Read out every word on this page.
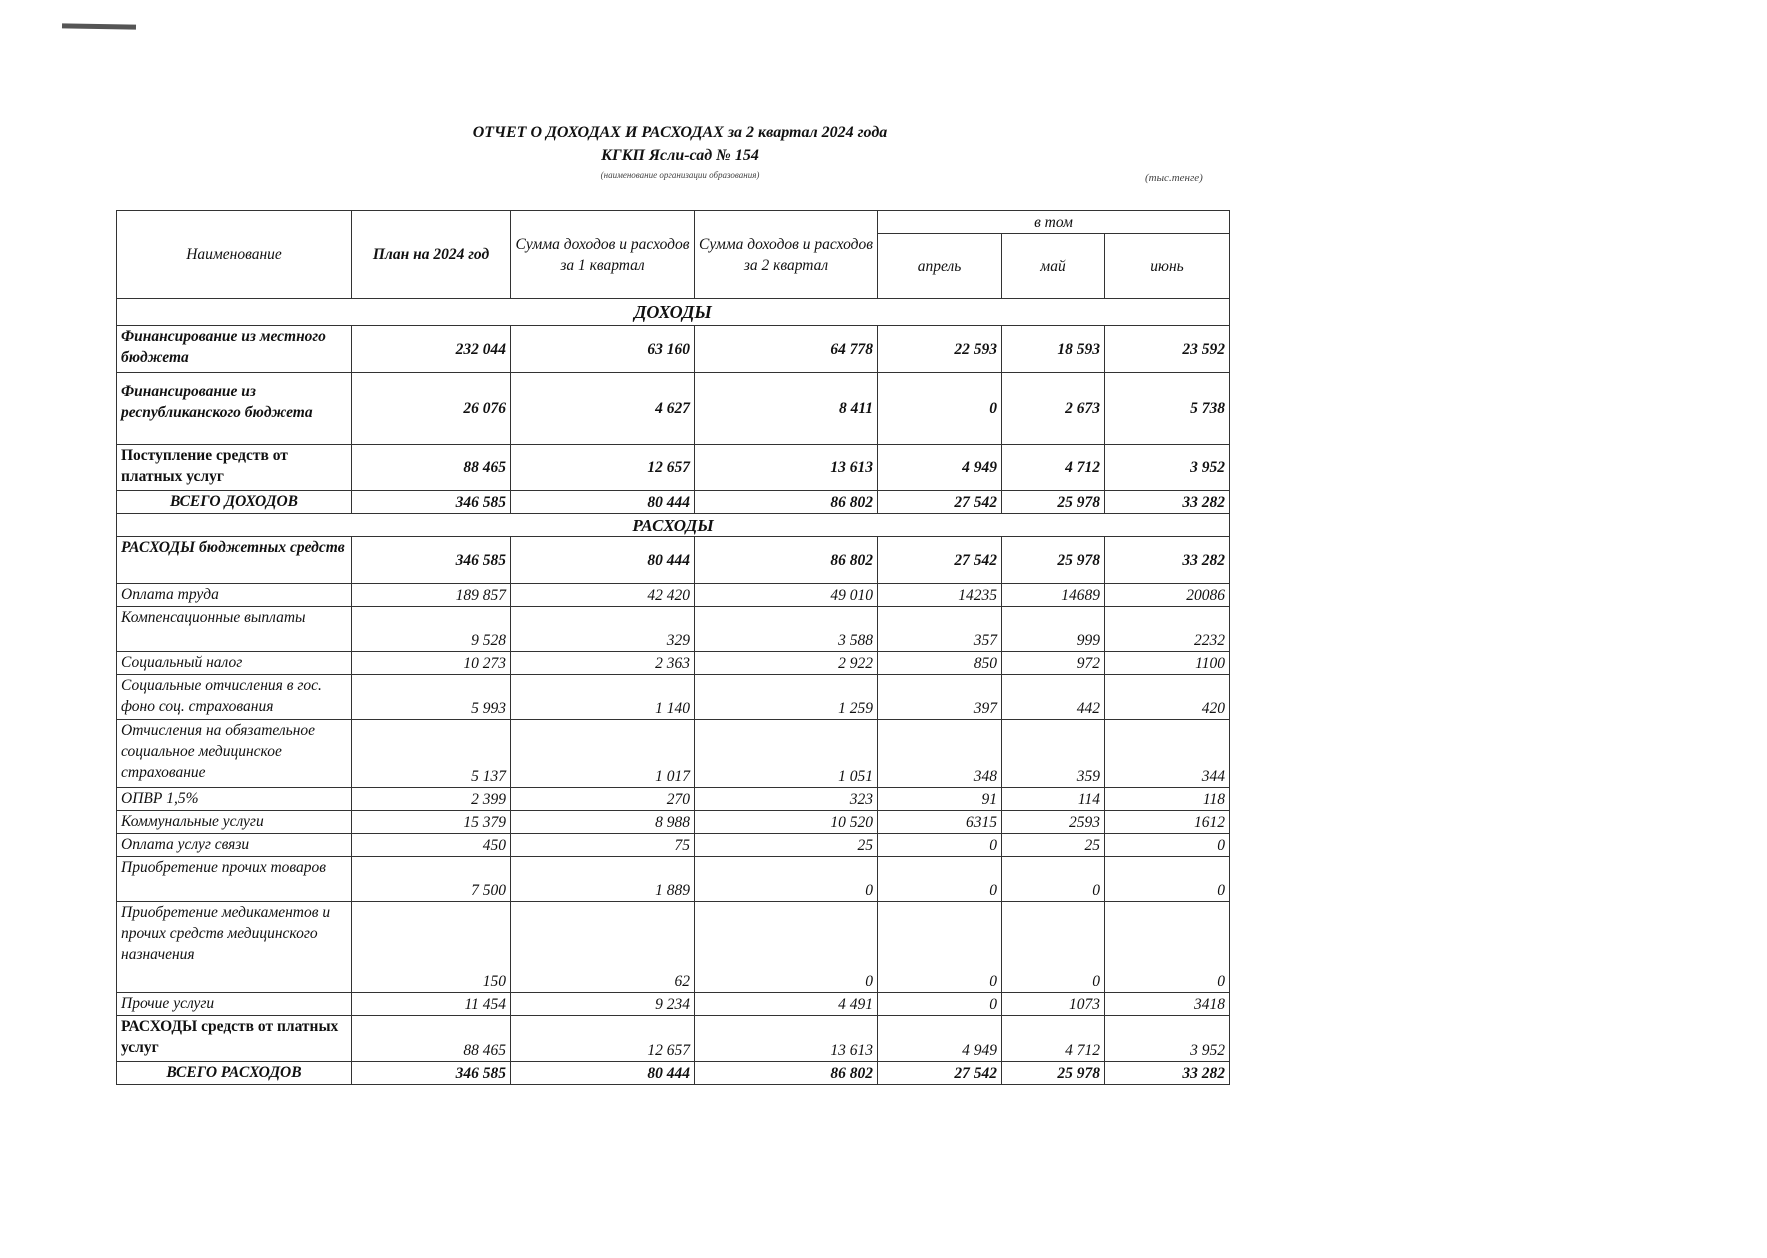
ОТЧЕТ О ДОХОДАХ И РАСХОДАХ за 2 квартал 2024 года
КГКП Ясли-сад № 154
(наименование организации образования)	(тыс.тенге)
Наименование	План на 2024 год	Сумма доходов и расходов за 1 квартал	Сумма доходов и расходов за 2 квартал	в том		
				апрель	май	июнь
ДОХОДЫ						
Финансирование из местного бюджета	232 044	63 160	64 778	22 593	18 593	23 592
Финансирование из республиканского бюджета	26 076	4 627	8 411	0	2 673	5 738
Поступление средств от платных услуг	88 465	12 657	13 613	4 949	4 712	3 952
ВСЕГО ДОХОДОВ	346 585	80 444	86 802	27 542	25 978	33 282
РАСХОДЫ						
РАСХОДЫ бюджетных средств	346 585	80 444	86 802	27 542	25 978	33 282
Оплата труда	189 857	42 420	49 010	14235	14689	20086
Компенсационные выплаты	9 528	329	3 588	357	999	2232
Социальный налог	10 273	2 363	2 922	850	972	1100
Социальные отчисления в гос. фоно соц. страхования	5 993	1 140	1 259	397	442	420
Отчисления на обязательное социальное медицинское страхование	5 137	1 017	1 051	348	359	344
ОПВР 1,5%	2 399	270	323	91	114	118
Коммунальные услуги	15 379	8 988	10 520	6315	2593	1612
Оплата услуг связи	450	75	25	0	25	0
Приобретение прочих товаров	7 500	1 889	0	0	0	0
Приобретение медикаментов и прочих средств медицинского назначения	150	62	0	0	0	0
Прочие услуги	11 454	9 234	4 491	0	1073	3418
РАСХОДЫ средств от платных услуг	88 465	12 657	13 613	4 949	4 712	3 952
ВСЕГО РАСХОДОВ	346 585	80 444	86 802	27 542	25 978	33 282
